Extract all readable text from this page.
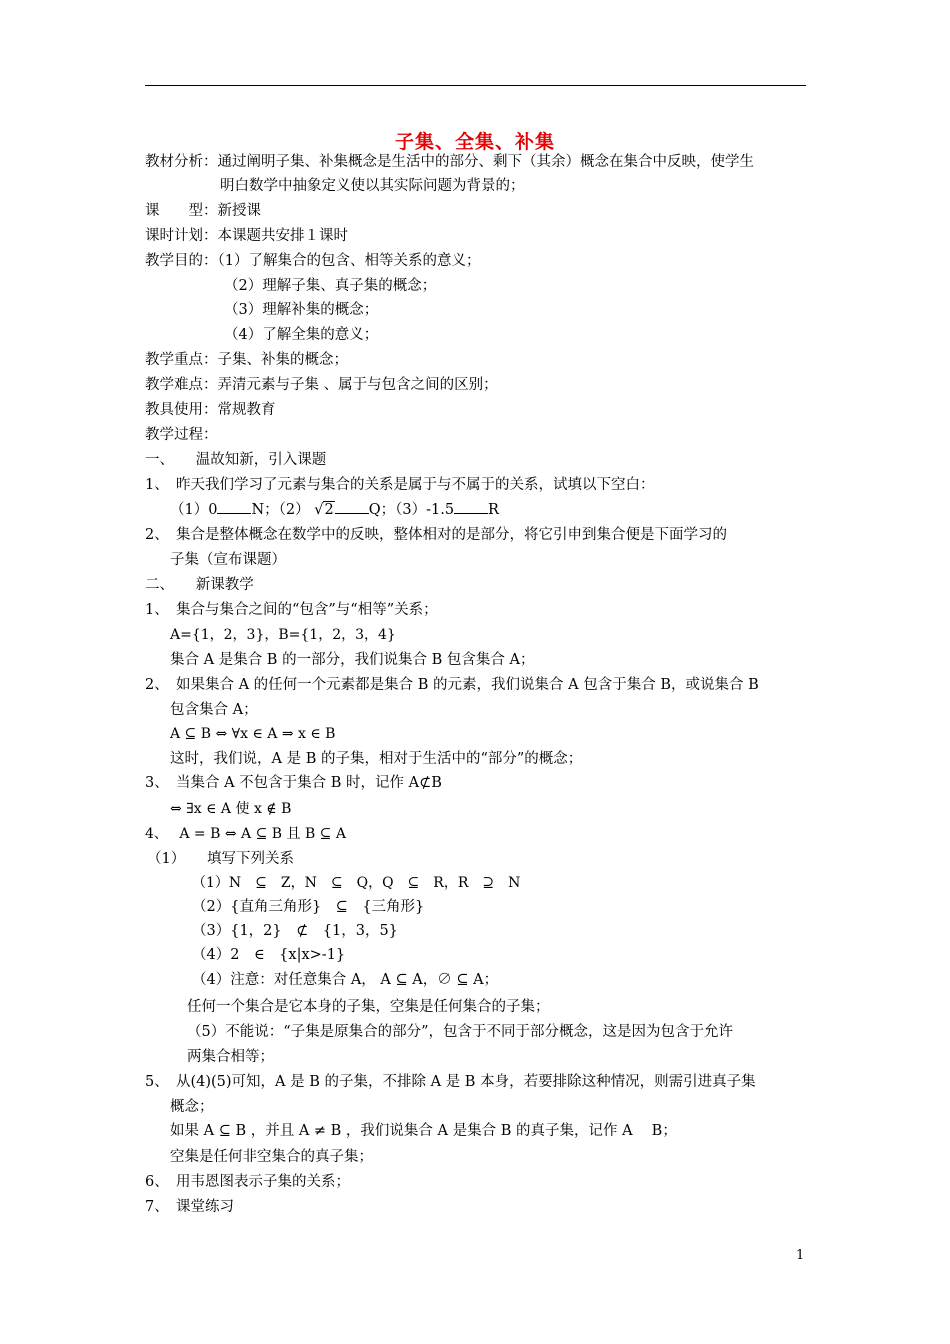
子集、全集、补集
教材分析：通过阐明子集、补集概念是生活中的部分、剩下（其余）概念在集合中反映，使学生
明白数学中抽象定义使以其实际问题为背景的；
课　　型：新授课
课时计划：本课题共安排１课时
教学目的：（1）了解集合的包含、相等关系的意义；
（2）理解子集、真子集的概念；
（3）理解补集的概念；
（4）了解全集的意义；
教学重点：子集、补集的概念；
教学难点：弄清元素与子集 、属于与包含之间的区别；
教具使用：常规教育
教学过程：
一、　　温故知新，引入课题
1、　昨天我们学习了元素与集合的关系是属于与不属于的关系，试填以下空白：
（1）0 N；（2） √2 Q；（3）-1.5 R
2、　集合是整体概念在数学中的反映，整体相对的是部分，将它引申到集合便是下面学习的
子集（宣布课题）
二、　　新课教学
1、　集合与集合之间的“包含”与“相等”关系；
A={1，2，3}，B={1，2，3，4}
集合 A 是集合 B 的一部分，我们说集合 B 包含集合 A；
2、　如果集合 A 的任何一个元素都是集合 B 的元素，我们说集合 A 包含于集合 B，或说集合 B
包含集合 A；
A ⊆ B ⇔ ∀x ∈ A ⇒ x ∈ B
这时，我们说，A 是 B 的子集，相对于生活中的“部分”的概念；
3、　当集合 A 不包含于集合 B 时，记作 A⊄B
⇔ ∃x ∈ A 使 x ∉ B
4、　 A = B ⇔ A ⊆ B 且 B ⊆ A
（1）　　填写下列关系
（1）N　⊆　Z，N　⊆　Q，Q　⊆　R，R　⊇　N
（2）{直角三角形}　⊆　{三角形}
（3）{1，2}　⊄　{1，3，5}
（4）2　∈　{x|x>-1}
（4）注意：对任意集合 A， A ⊆ A，∅ ⊆ A；
任何一个集合是它本身的子集，空集是任何集合的子集；
（5）不能说：“子集是原集合的部分”，包含于不同于部分概念，这是因为包含于允许
两集合相等；
5、　从(4)(5)可知，A 是 B 的子集，不排除 A 是 B 本身，若要排除这种情况，则需引进真子集
概念；
如果 A ⊆ B ，并且 A ≠ B ，我们说集合 A 是集合 B 的真子集，记作 A　 B；
空集是任何非空集合的真子集；
6、　用韦恩图表示子集的关系；
7、　课堂练习
1
